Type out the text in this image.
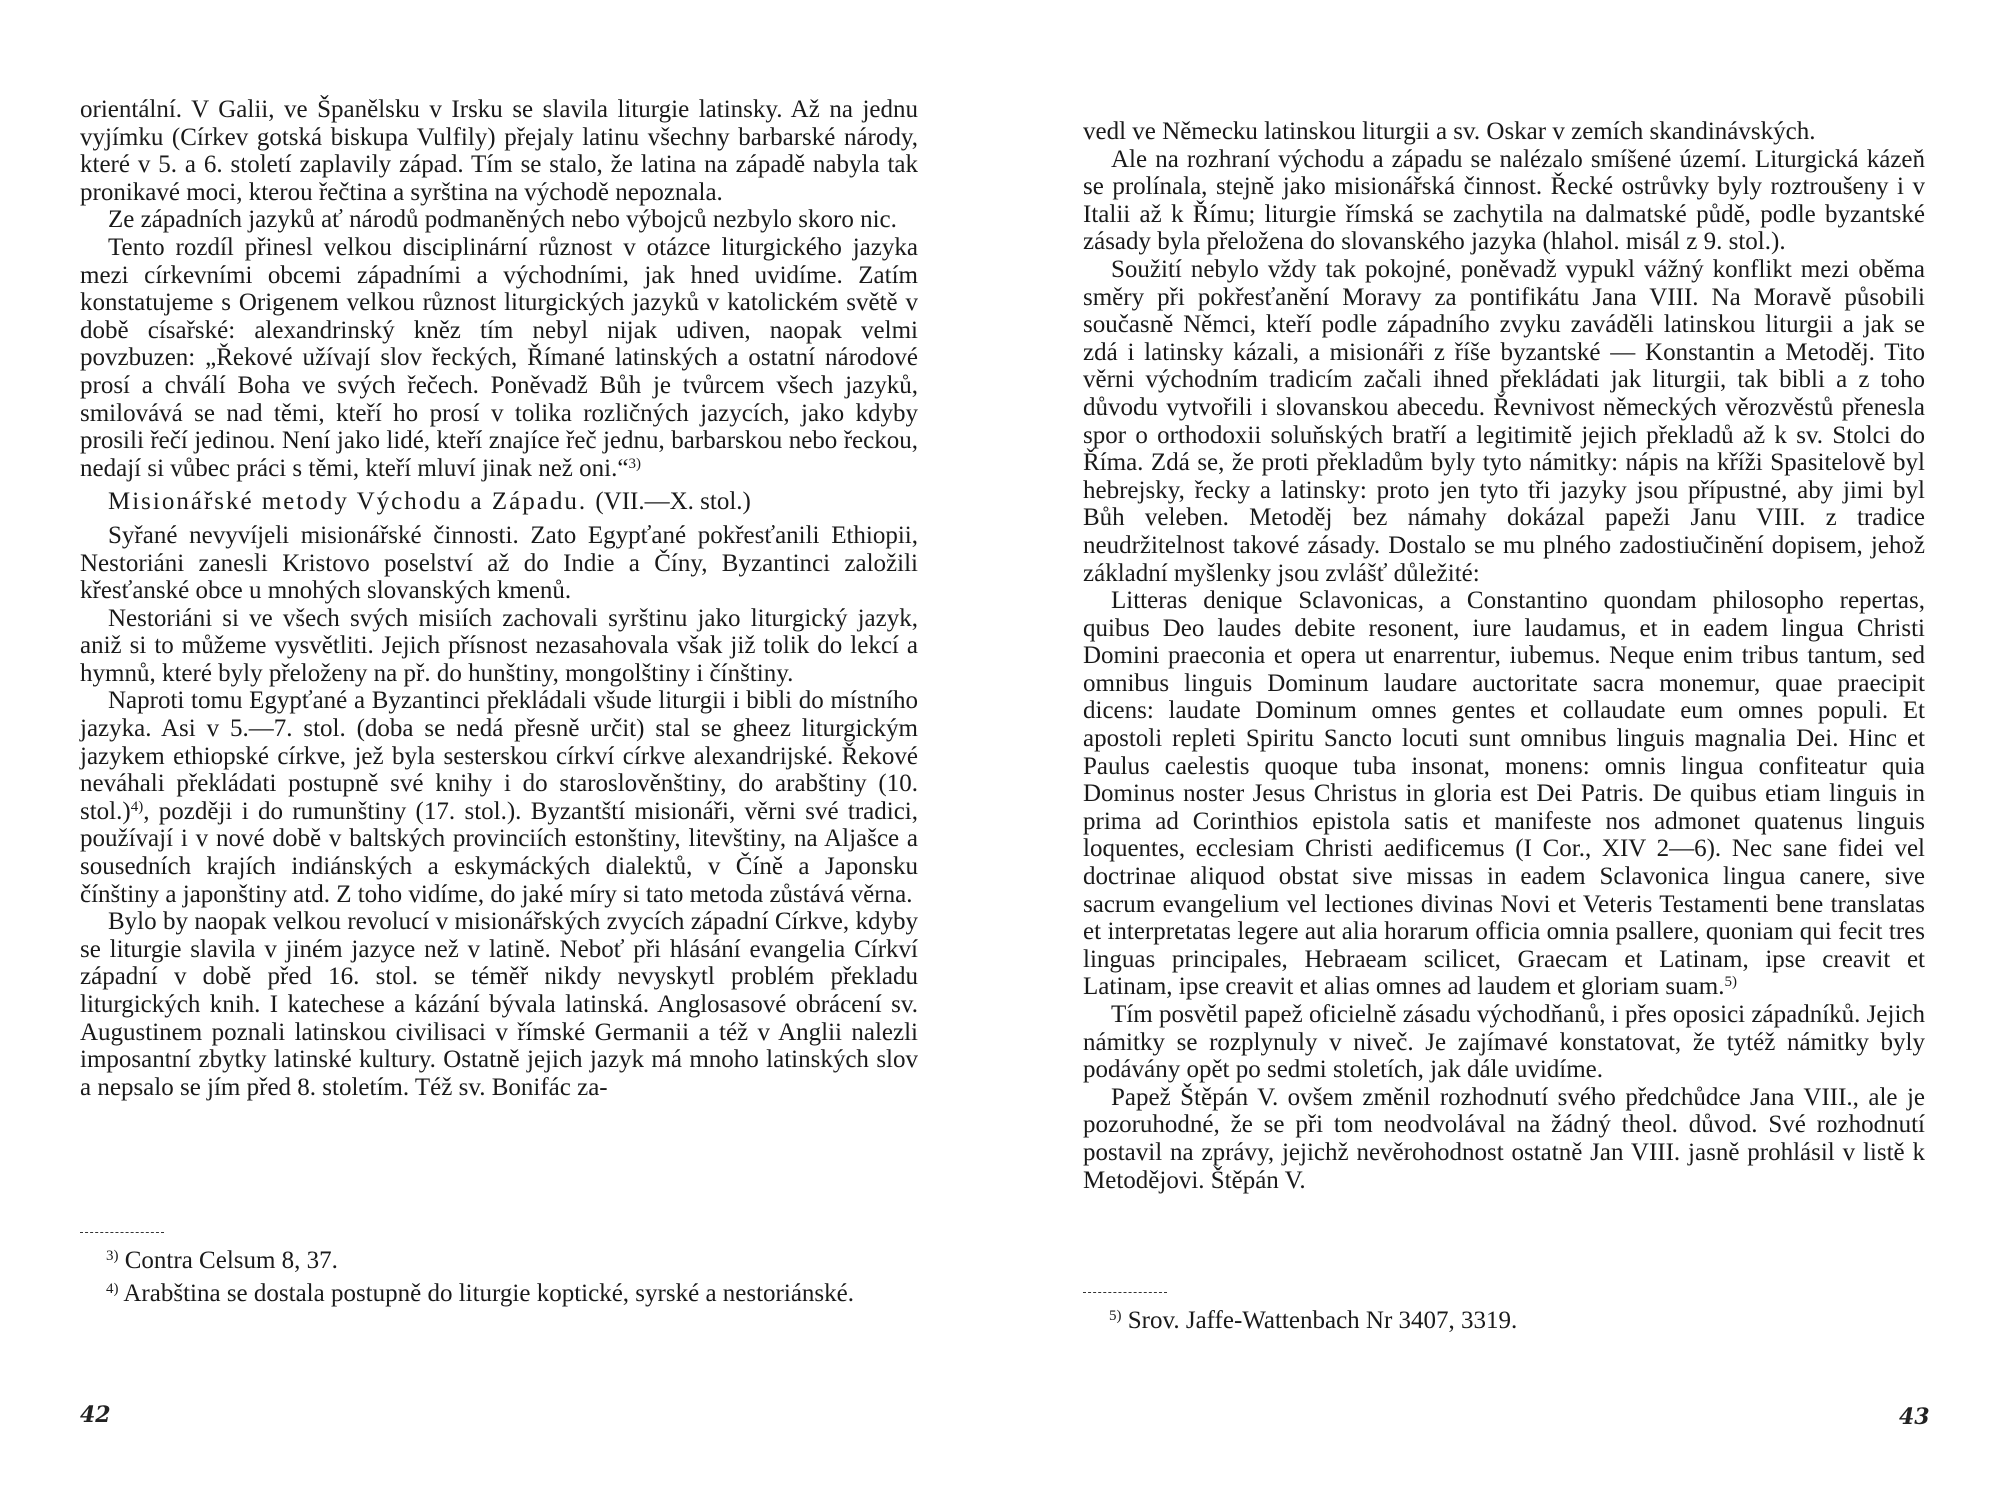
orientální. V Galii, ve Španělsku v Irsku se slavila liturgie latinsky. Až na jednu vyjímku (Církev gotská biskupa Vulfily) přejaly latinu všechny barbarské národy, které v 5. a 6. století zaplavily západ. Tím se stalo, že latina na západě nabyla tak pronikavé moci, kterou řečtina a syrština na východě nepoznala.

Ze západních jazyků ať národů podmaněných nebo výbojců nezbylo skoro nic.

Tento rozdíl přinesl velkou disciplinární různost v otázce liturgického jazyka mezi církevními obcemi západními a východními, jak hned uvidíme. Zatím konstatujeme s Origenem velkou různost liturgických jazyků v katolickém světě v době císařské: alexandrinský kněz tím nebyl nijak udiven, naopak velmi povzbuzen: „Řekové užívají slov řeckých, Římané latinských a ostatní národové prosí a chválí Boha ve svých řečech. Poněvadž Bůh je tvůrcem všech jazyků, smilovává se nad těmi, kteří ho prosí v tolika rozličných jazycích, jako kdyby prosili řečí jedinou. Není jako lidé, kteří znajíce řeč jednu, barbarskou nebo řeckou, nedají si vůbec práci s těmi, kteří mluví jinak než oni.“$^{3)}$

Misionářské metody Východu a Západu. (VII.—X. stol.)

Syřané nevyvíjeli misionářské činnosti. Zato Egypťané pokřesťanili Ethiopii, Nestoriáni zanesli Kristovo poselství až do Indie a Číny, Byzantinci založili křesťanské obce u mnohých slovanských kmenů.

Nestoriáni si ve všech svých misiích zachovali syrštinu jako liturgický jazyk, aniž si to můžeme vysvětliti. Jejich přísnost nezasahovala však již tolik do lekcí a hymnů, které byly přeloženy na př. do hunštiny, mongolštiny i čínštiny.

Naproti tomu Egypťané a Byzantinci překládali všude liturgii i bibli do místního jazyka. Asi v 5.—7. stol. (doba se nedá přesně určit) stal se gheez liturgickým jazykem ethiopské církve, jež byla sesterskou církví církve alexandrijské. Řekové neváhali překládati postupně své knihy i do staroslověnštiny, do arabštiny (10. stol.)$^{4)}$, později i do rumunštiny (17. stol.). Byzantští misionáři, věrni své tradici, používají i v nové době v baltských provinciích estonštiny, litevštiny, na Aljašce a sousedních krajích indiánských a eskymáckých dialektů, v Číně a Japonsku čínštiny a japonštiny atd. Z toho vidíme, do jaké míry si tato metoda zůstává věrna.

Bylo by naopak velkou revolucí v misionářských zvycích západní Církve, kdyby se liturgie slavila v jiném jazyce než v latině. Neboť při hlásání evangelia Církví západní v době před 16. stol. se téměř nikdy nevyskytl problém překladu liturgických knih. I katechese a kázání bývala latinská. Anglosasové obrácení sv. Augustinem poznali latinskou civilisaci v římské Germanii a též v Anglii nalezli imposantní zbytky latinské kultury. Ostatně jejich jazyk má mnoho latinských slov a nepsalo se jím před 8. stoletím. Též sv. Bonifác za-

$^{3)}$ Contra Celsum 8, 37.

$^{4)}$ Arabština se dostala postupně do liturgie koptické, syrské a nestoriánské.

42

vedl ve Německu latinskou liturgii a sv. Oskar v zemích skandinávských.

Ale na rozhraní východu a západu se nalézalo smíšené území. Liturgická kázeň se prolínala, stejně jako misionářská činnost. Řecké ostrůvky byly roztroušeny i v Italii až k Římu; liturgie římská se zachytila na dalmatské půdě, podle byzantské zásady byla přeložena do slovanského jazyka (hlahol. misál z 9. stol.).

Soužití nebylo vždy tak pokojné, poněvadž vypukl vážný konflikt mezi oběma směry při pokřesťanění Moravy za pontifikátu Jana VIII. Na Moravě působili současně Němci, kteří podle západního zvyku zaváděli latinskou liturgii a jak se zdá i latinsky kázali, a misionáři z říše byzantské — Konstantin a Metoděj. Tito věrni východním tradicím začali ihned překládati jak liturgii, tak bibli a z toho důvodu vytvořili i slovanskou abecedu. Řevnivost německých věrozvěstů přenesla spor o orthodoxii soluňských bratří a legitimitě jejich překladů až k sv. Stolci do Říma. Zdá se, že proti překladům byly tyto námitky: nápis na kříži Spasitelově byl hebrejsky, řecky a latinsky: proto jen tyto tři jazyky jsou přípustné, aby jimi byl Bůh veleben. Metoděj bez námahy dokázal papeži Janu VIII. z tradice neudržitelnost takové zásady. Dostalo se mu plného zadostiučinění dopisem, jehož základní myšlenky jsou zvlášť důležité:

Litteras denique Sclavonicas, a Constantino quondam philosopho repertas, quibus Deo laudes debite resonent, iure laudamus, et in eadem lingua Christi Domini praeconia et opera ut enarrentur, iubemus. Neque enim tribus tantum, sed omnibus linguis Dominum laudare auctoritate sacra monemur, quae praecipit dicens: laudate Dominum omnes gentes et collaudate eum omnes populi. Et apostoli repleti Spiritu Sancto locuti sunt omnibus linguis magnalia Dei. Hinc et Paulus caelestis quoque tuba insonat, monens: omnis lingua confiteatur quia Dominus noster Jesus Christus in gloria est Dei Patris. De quibus etiam linguis in prima ad Corinthios epistola satis et manifeste nos admonet quatenus linguis loquentes, ecclesiam Christi aedificemus (I Cor., XIV 2—6). Nec sane fidei vel doctrinae aliquod obstat sive missas in eadem Sclavonica lingua canere, sive sacrum evangelium vel lectiones divinas Novi et Veteris Testamenti bene translatas et interpretatas legere aut alia horarum officia omnia psallere, quoniam qui fecit tres linguas principales, Hebraeam scilicet, Graecam et Latinam, ipse creavit et Latinam, ipse creavit et alias omnes ad laudem et gloriam suam.$^{5)}$

Tím posvětil papež oficielně zásadu východňanů, i přes oposici západníků. Jejich námitky se rozplynuly v niveč. Je zajímavé konstatovat, že tytéž námitky byly podávány opět po sedmi stoletích, jak dále uvidíme.

Papež Štěpán V. ovšem změnil rozhodnutí svého předchůdce Jana VIII., ale je pozoruhodné, že se při tom neodvolával na žádný theol. důvod. Své rozhodnutí postavil na zprávy, jejichž nevěrohodnost ostatně Jan VIII. jasně prohlásil v listě k Metodějovi. Štěpán V.

$^{5)}$ Srov. Jaffe-Wattenbach Nr 3407, 3319.

43
